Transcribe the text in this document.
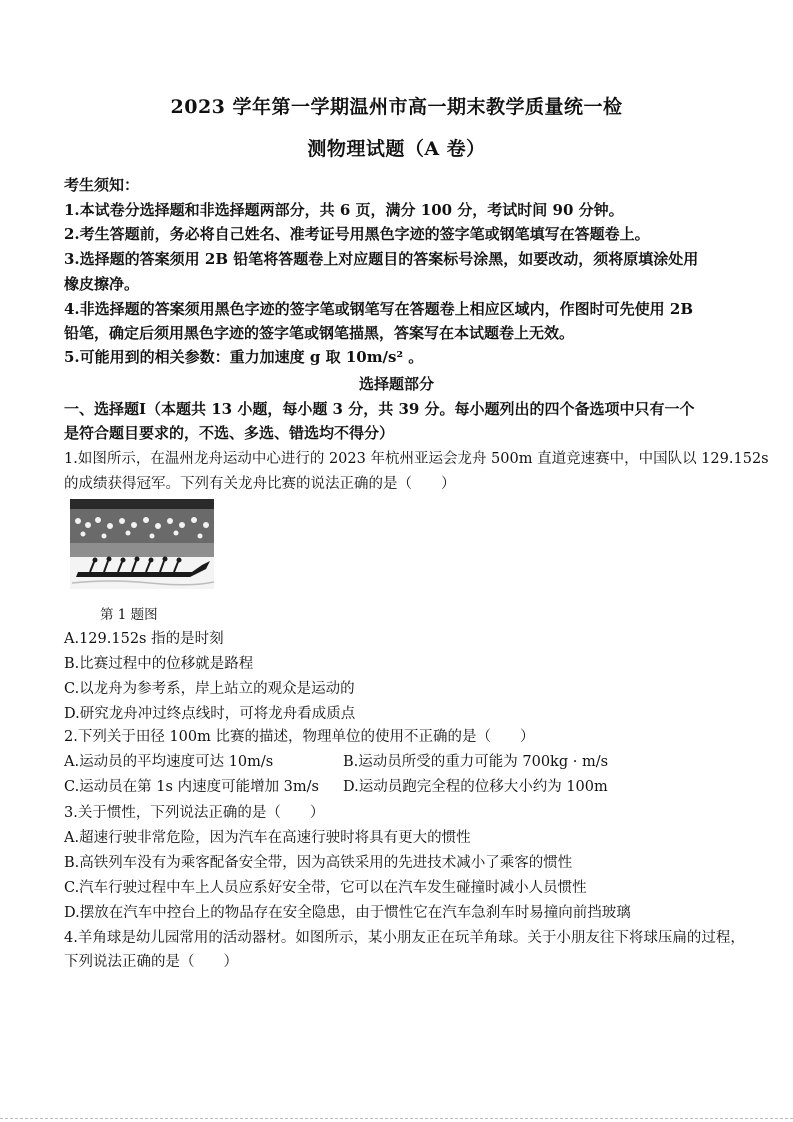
2023 学年第一学期温州市高一期末教学质量统一检
测物理试题（A 卷）
考生须知：
1.本试卷分选择题和非选择题两部分，共 6 页，满分 100 分，考试时间 90 分钟。
2.考生答题前，务必将自己姓名、准考证号用黑色字迹的签字笔或钢笔填写在答题卷上。
3.选择题的答案须用 2B 铅笔将答题卷上对应题目的答案标号涂黑，如要改动，须将原填涂处用
橡皮擦净。
4.非选择题的答案须用黑色字迹的签字笔或钢笔写在答题卷上相应区域内，作图时可先使用 2B
铅笔，确定后须用黑色字迹的签字笔或钢笔描黑，答案写在本试题卷上无效。
5.可能用到的相关参数：重力加速度 g 取 10m/s² 。
选择题部分
一、选择题Ⅰ（本题共 13 小题，每小题 3 分，共 39 分。每小题列出的四个备选项中只有一个
是符合题目要求的，不选、多选、错选均不得分）
1.如图所示，在温州龙舟运动中心进行的 2023 年杭州亚运会龙舟 500m 直道竞速赛中，中国队以 129.152s
的成绩获得冠军。下列有关龙舟比赛的说法正确的是（　　）
第 1 题图
A.129.152s 指的是时刻
B.比赛过程中的位移就是路程
C.以龙舟为参考系，岸上站立的观众是运动的
D.研究龙舟冲过终点线时，可将龙舟看成质点
2.下列关于田径 100m 比赛的描述，物理单位的使用不正确的是（　　）
A.运动员的平均速度可达 10m/s	B.运动员所受的重力可能为 700kg · m/s
C.运动员在第 1s 内速度可能增加 3m/s D.运动员跑完全程的位移大小约为 100m
3.关于惯性，下列说法正确的是（　　）
A.超速行驶非常危险，因为汽车在高速行驶时将具有更大的惯性
B.高铁列车没有为乘客配备安全带，因为高铁采用的先进技术减小了乘客的惯性
C.汽车行驶过程中车上人员应系好安全带，它可以在汽车发生碰撞时减小人员惯性
D.摆放在汽车中控台上的物品存在安全隐患，由于惯性它在汽车急刹车时易撞向前挡玻璃
4.羊角球是幼儿园常用的活动器材。如图所示，某小朋友正在玩羊角球。关于小朋友往下将球压扁的过程，
下列说法正确的是（　　）
